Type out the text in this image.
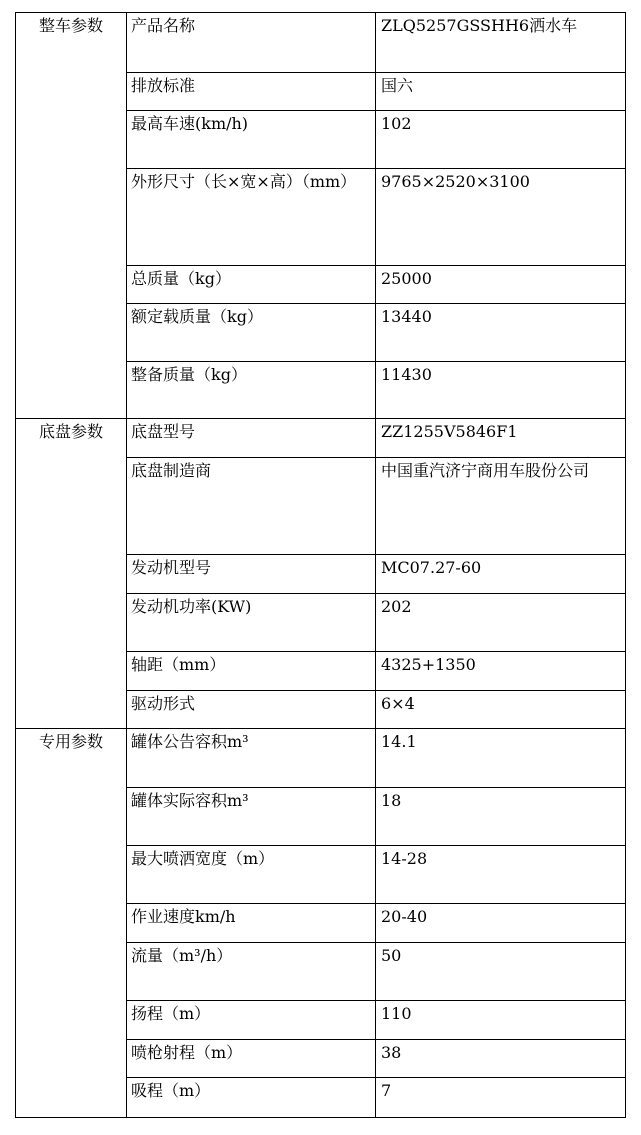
整车参数	产品名称	ZLQ5257GSSHH6洒水车
排放标准	国六
最高车速(km/h)	102
外形尺寸（长×宽×高）（mm）	9765×2520×3100
总质量（kg）	25000
额定载质量（kg）	13440
整备质量（kg）	11430
底盘参数	底盘型号	ZZ1255V5846F1
底盘制造商	中国重汽济宁商用车股份公司
发动机型号	MC07.27-60
发动机功率(KW)	202
轴距（mm）	4325+1350
驱动形式	6×4
专用参数	罐体公告容积m³	14.1
罐体实际容积m³	18
最大喷洒宽度（m）	14-28
作业速度km/h	20-40
流量（m³/h）	50
扬程（m）	110
喷枪射程（m）	38
吸程（m）	7
